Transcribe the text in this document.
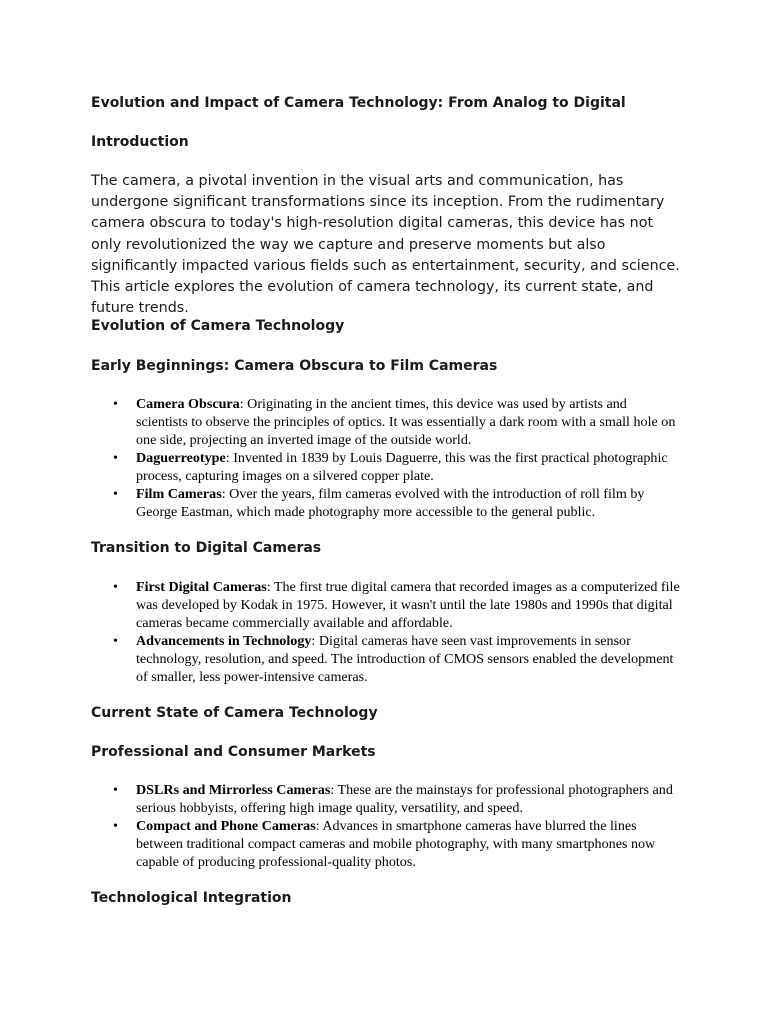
Evolution and Impact of Camera Technology: From Analog to Digital
Introduction

The camera, a pivotal invention in the visual arts and communication, has undergone significant transformations since its inception. From the rudimentary camera obscura to today's high-resolution digital cameras, this device has not only revolutionized the way we capture and preserve moments but also significantly impacted various fields such as entertainment, security, and science. This article explores the evolution of camera technology, its current state, and future trends.

Evolution of Camera Technology
Early Beginnings: Camera Obscura to Film Cameras
• Camera Obscura: Originating in the ancient times, this device was used by artists and scientists to observe the principles of optics. It was essentially a dark room with a small hole on one side, projecting an inverted image of the outside world.
• Daguerreotype: Invented in 1839 by Louis Daguerre, this was the first practical photographic process, capturing images on a silvered copper plate.
• Film Cameras: Over the years, film cameras evolved with the introduction of roll film by George Eastman, which made photography more accessible to the general public.
Transition to Digital Cameras
• First Digital Cameras: The first true digital camera that recorded images as a computerized file was developed by Kodak in 1975. However, it wasn't until the late 1980s and 1990s that digital cameras became commercially available and affordable.
• Advancements in Technology: Digital cameras have seen vast improvements in sensor technology, resolution, and speed. The introduction of CMOS sensors enabled the development of smaller, less power-intensive cameras.
Current State of Camera Technology
Professional and Consumer Markets
• DSLRs and Mirrorless Cameras: These are the mainstays for professional photographers and serious hobbyists, offering high image quality, versatility, and speed.
• Compact and Phone Cameras: Advances in smartphone cameras have blurred the lines between traditional compact cameras and mobile photography, with many smartphones now capable of producing professional-quality photos.
Technological Integration
